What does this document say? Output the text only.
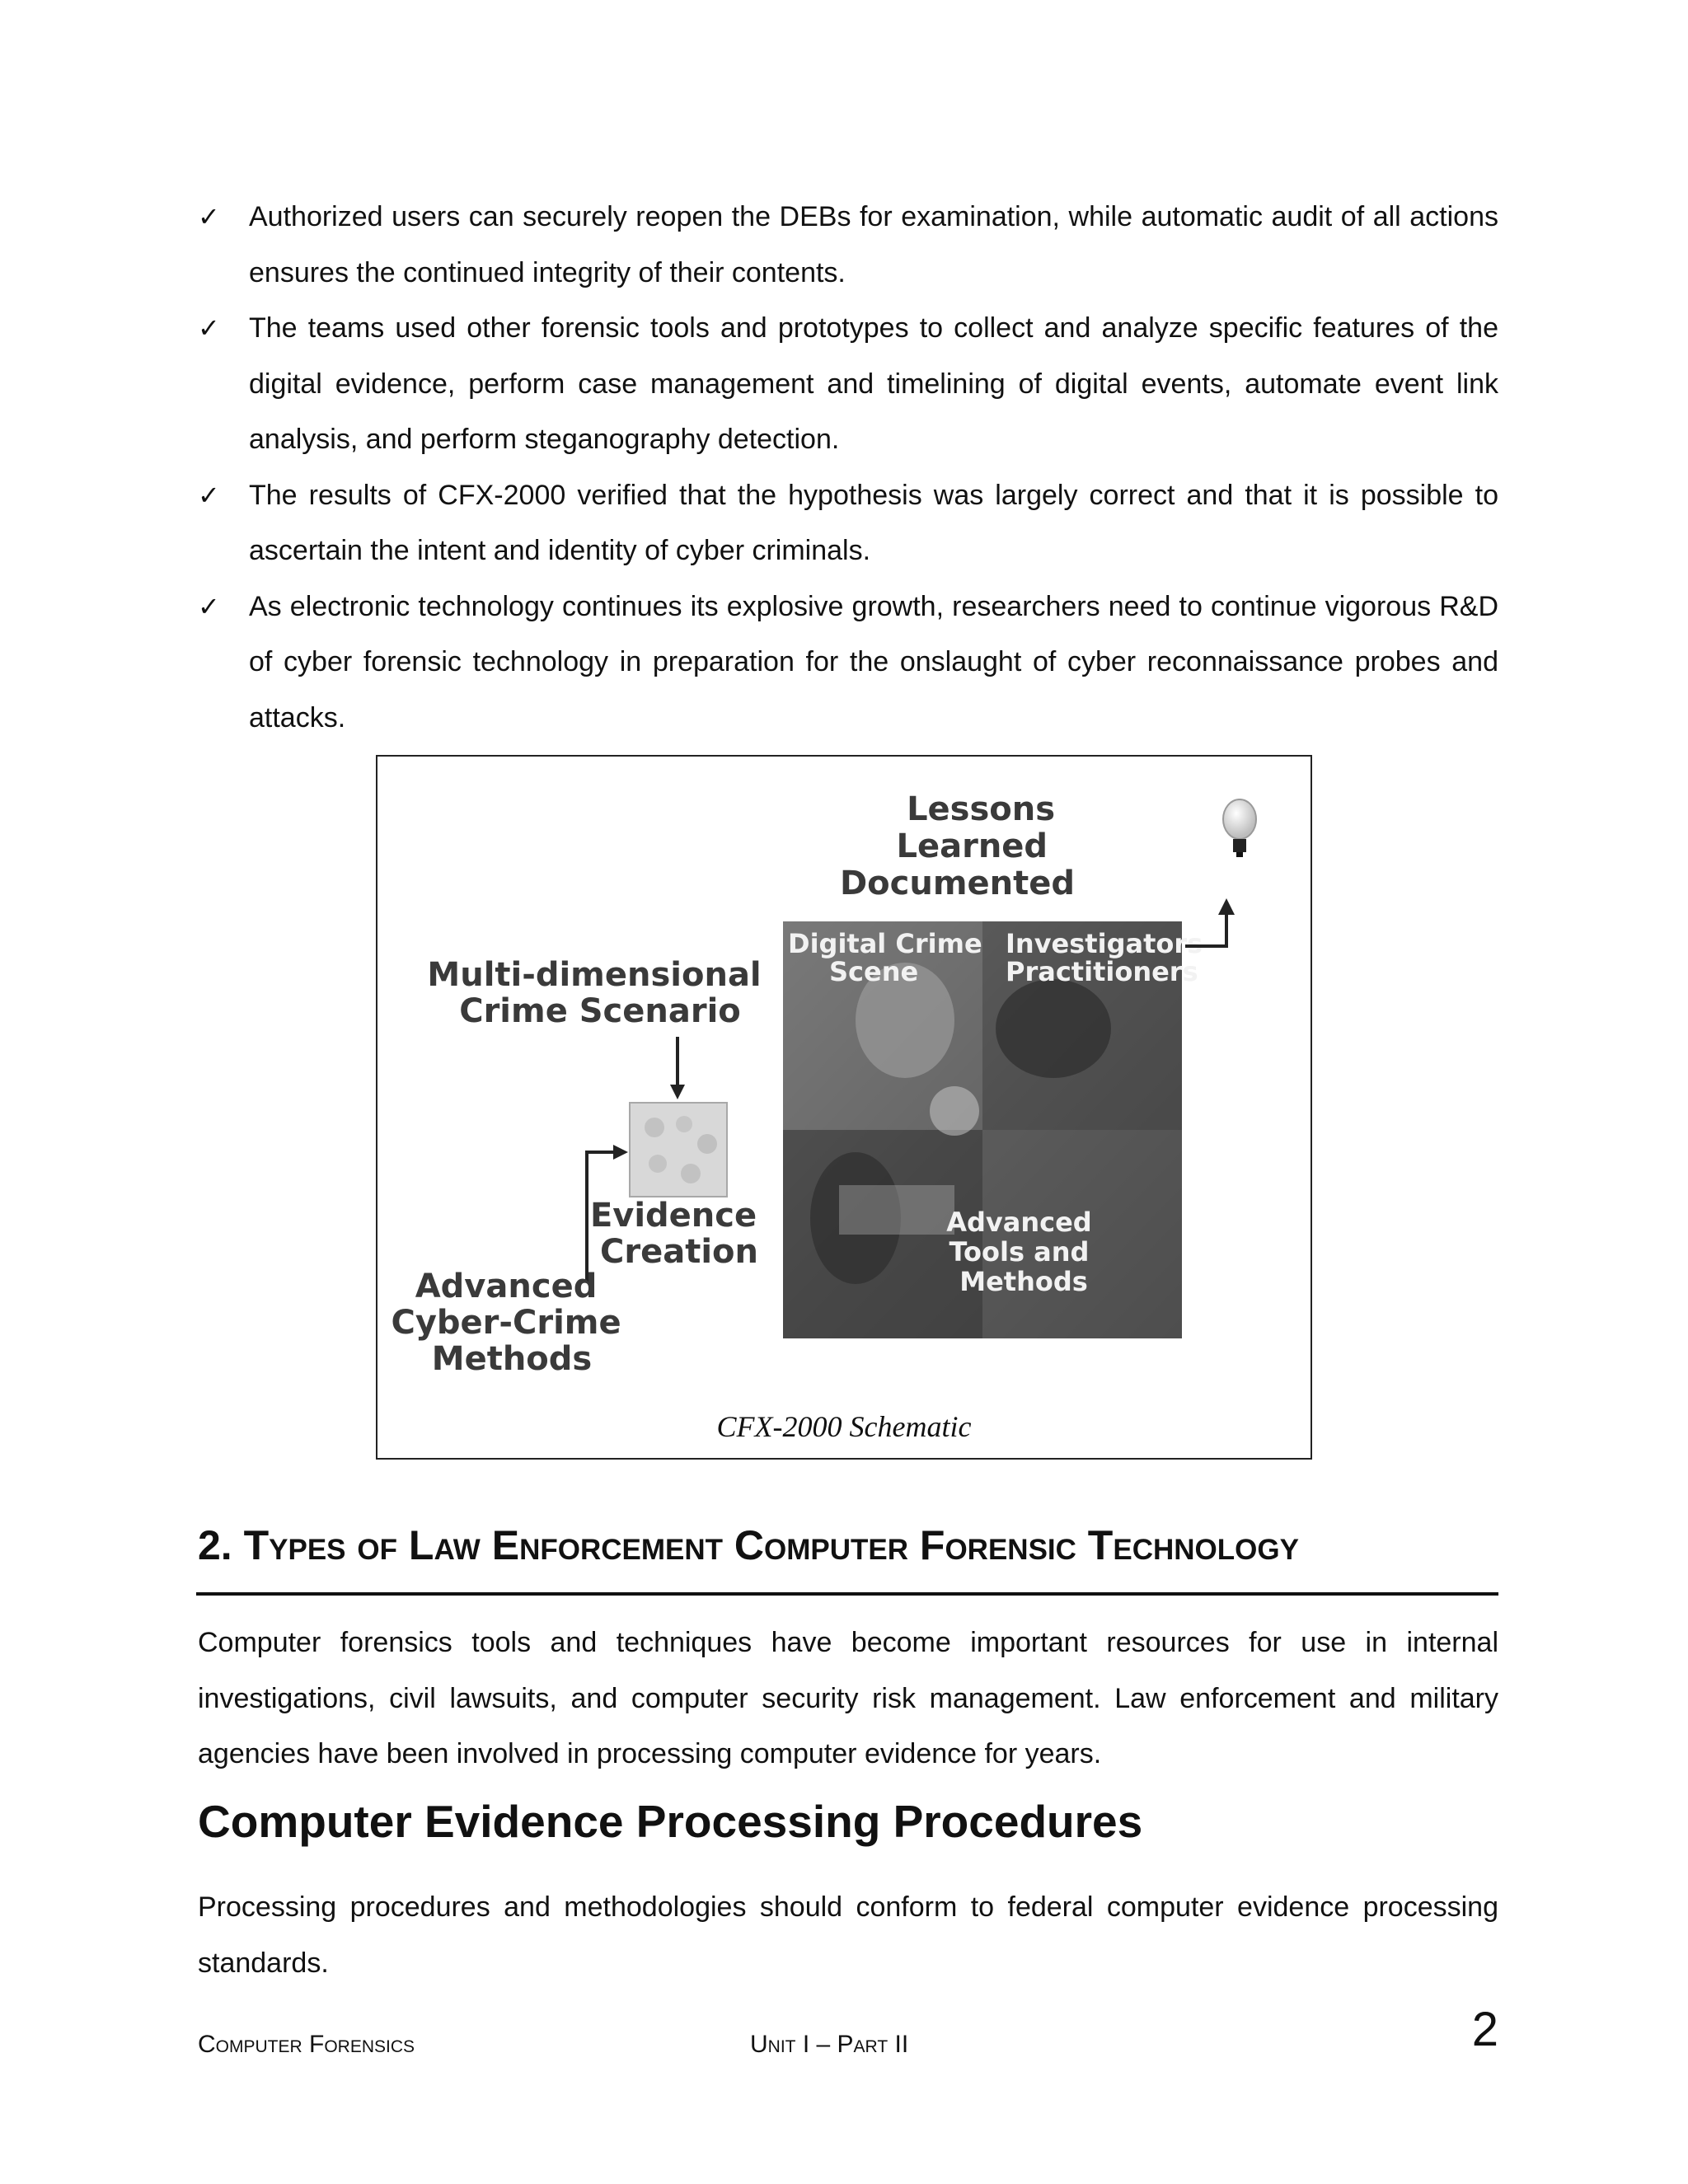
✓ Authorized users can securely reopen the DEBs for examination, while automatic audit of all actions ensures the continued integrity of their contents.
✓ The teams used other forensic tools and prototypes to collect and analyze specific features of the digital evidence, perform case management and timelining of digital events, automate event link analysis, and perform steganography detection.
✓ The results of CFX-2000 verified that the hypothesis was largely correct and that it is possible to ascertain the intent and identity of cyber criminals.
✓ As electronic technology continues its explosive growth, researchers need to continue vigorous R&D of cyber forensic technology in preparation for the onslaught of cyber reconnaissance probes and attacks.
Digital Crime Scene
Investigators Practitioners
Advanced Tools and Methods
Lessons Learned Documented
Multi-dimensional Crime Scenario
Evidence Creation
Advanced Cyber-Crime Methods
CFX-2000 Schematic
2. Types of Law Enforcement Computer Forensic Technology

Computer forensics tools and techniques have become important resources for use in internal investigations, civil lawsuits, and computer security risk management. Law enforcement and military agencies have been involved in processing computer evidence for years.

Computer Evidence Processing Procedures

Processing procedures and methodologies should conform to federal computer evidence processing standards.

Computer Forensics	Unit I – Part II	2
